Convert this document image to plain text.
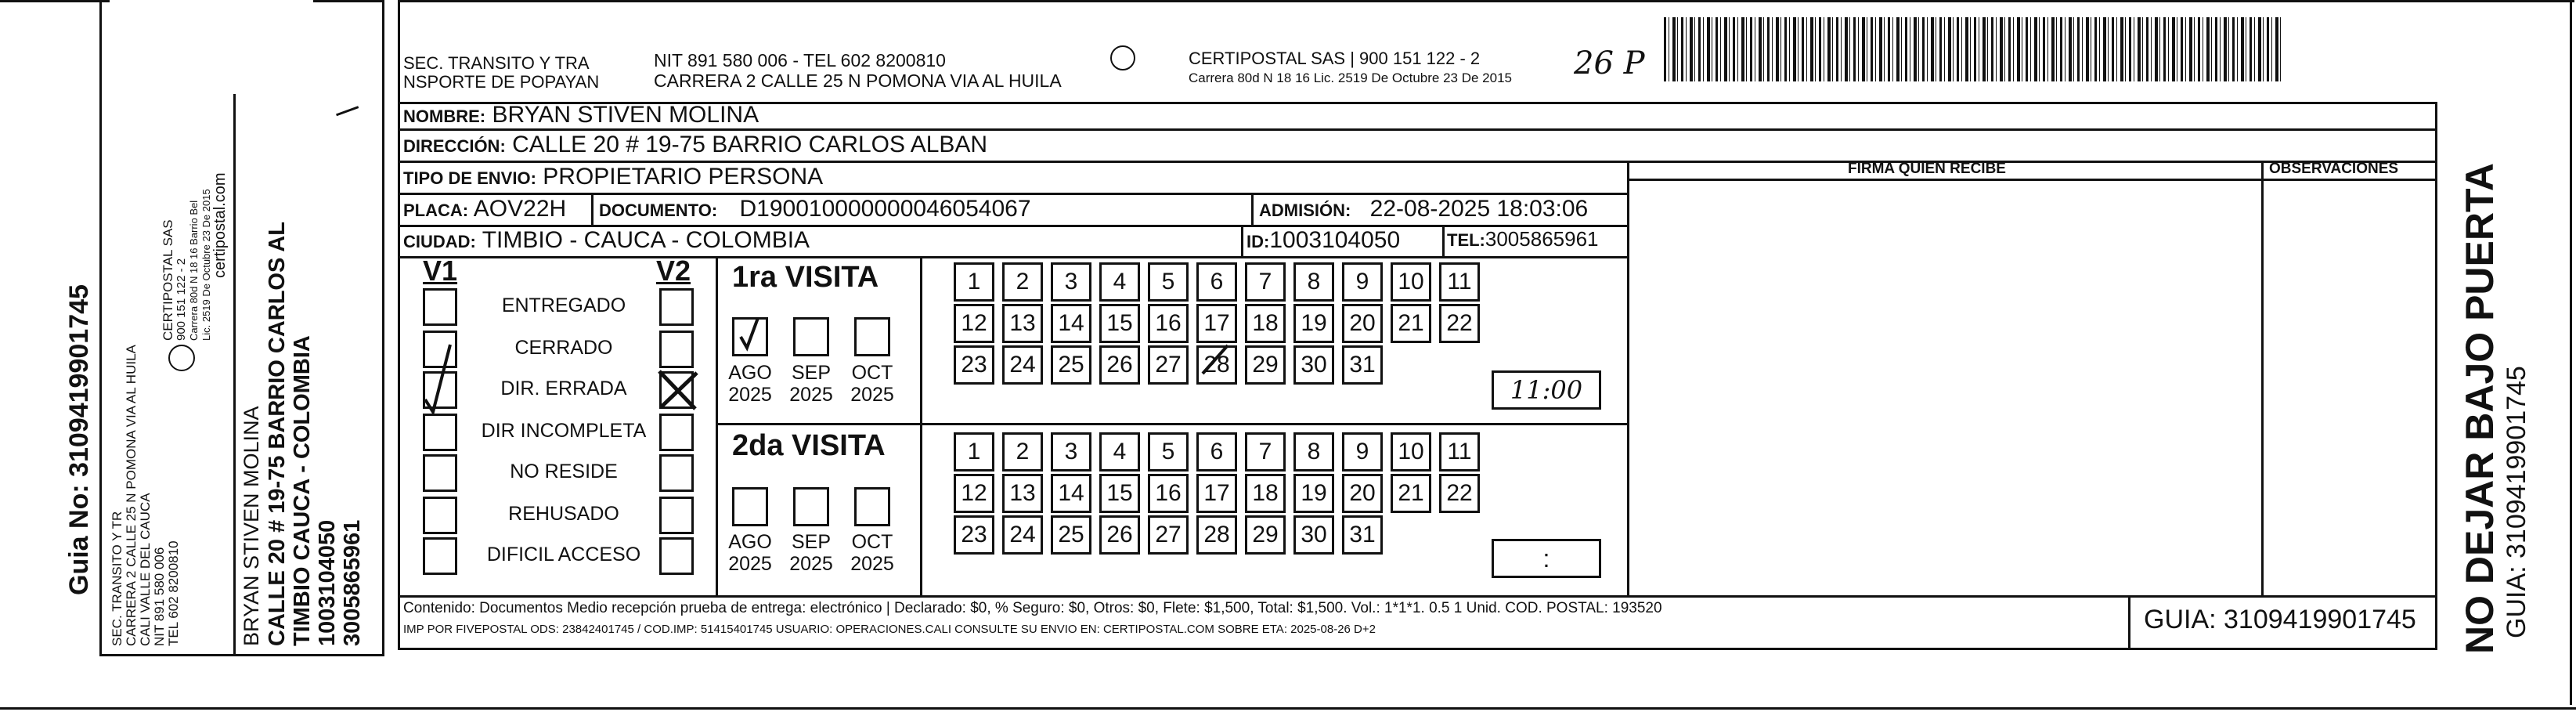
Guia No: 3109419901745 SEC. TRANSITO Y TR CARRERA 2 CALLE 25 N POMONA VIA AL HUILA CALI VALLE DEL CAUCA NIT 891 580 006 TEL 602 8200810
CERTIPOSTAL SAS 900 151 122 - 2 Carrera 80d N 18 16 Barrio Bel Lic. 2519 De Octubre 23 De 2015 certipostal.com
BRYAN STIVEN MOLINA CALLE 20 # 19-75 BARRIO CARLOS AL TIMBIO CAUCA - COLOMBIA 1003104050 3005865961
SEC. TRANSITO Y TRA
NSPORTE DE POPAYAN
NIT 891 580 006 - TEL 602 8200810
CARRERA 2 CALLE 25 N POMONA VIA AL HUILA
CERTIPOSTAL SAS | 900 151 122 - 2
Carrera 80d N 18 16 Lic. 2519 De Octubre 23 De 2015 26 P
NOMBRE: BRYAN STIVEN MOLINA
DIRECCIÓN: CALLE 20 # 19-75 BARRIO CARLOS ALBAN
TIPO DE ENVIO: PROPIETARIO PERSONA
PLACA: AOV22H DOCUMENTO: D190010000000046054067	ADMISIÓN: 22-08-2025 18:03:06
CIUDAD: TIMBIO - CAUCA - COLOMBIA	ID:1003104050	TEL:3005865961
FIRMA QUIEN RECIBE	OBSERVACIONES
V1	V2
ENTREGADO
CERRADO
DIR. ERRADA
DIR INCOMPLETA
NO RESIDE
REHUSADO
DIFICIL ACCESO
1ra VISITA
AGO
2025
SEP
2025
OCT
2025
2da VISITA
AGO
2025
SEP
2025
OCT
2025
1	2	3	4	5	6	7	8	9	10 11
12 13 14 15 16 17 18 19 20 21 22
23 24 25 26 27 28 29 30 31
1	2	3	4	5	6	7	8	9	10 11
12 13 14 15 16 17 18 19 20 21 22
23 24 25 26 27 28 29 30 31
11:00
:
Contenido: Documentos Medio recepción prueba de entrega: electrónico | Declarado: $0, % Seguro: $0, Otros: $0, Flete: $1,500, Total: $1,500. Vol.: 1*1*1. 0.5 1 Unid. COD. POSTAL: 193520
IMP POR FIVEPOSTAL ODS: 23842401745 / COD.IMP: 51415401745 USUARIO: OPERACIONES.CALI CONSULTE SU ENVIO EN: CERTIPOSTAL.COM SOBRE ETA: 2025-08-26 D+2	GUIA: 3109419901745 NO DEJAR BAJO PUERTA GUIA: 3109419901745
